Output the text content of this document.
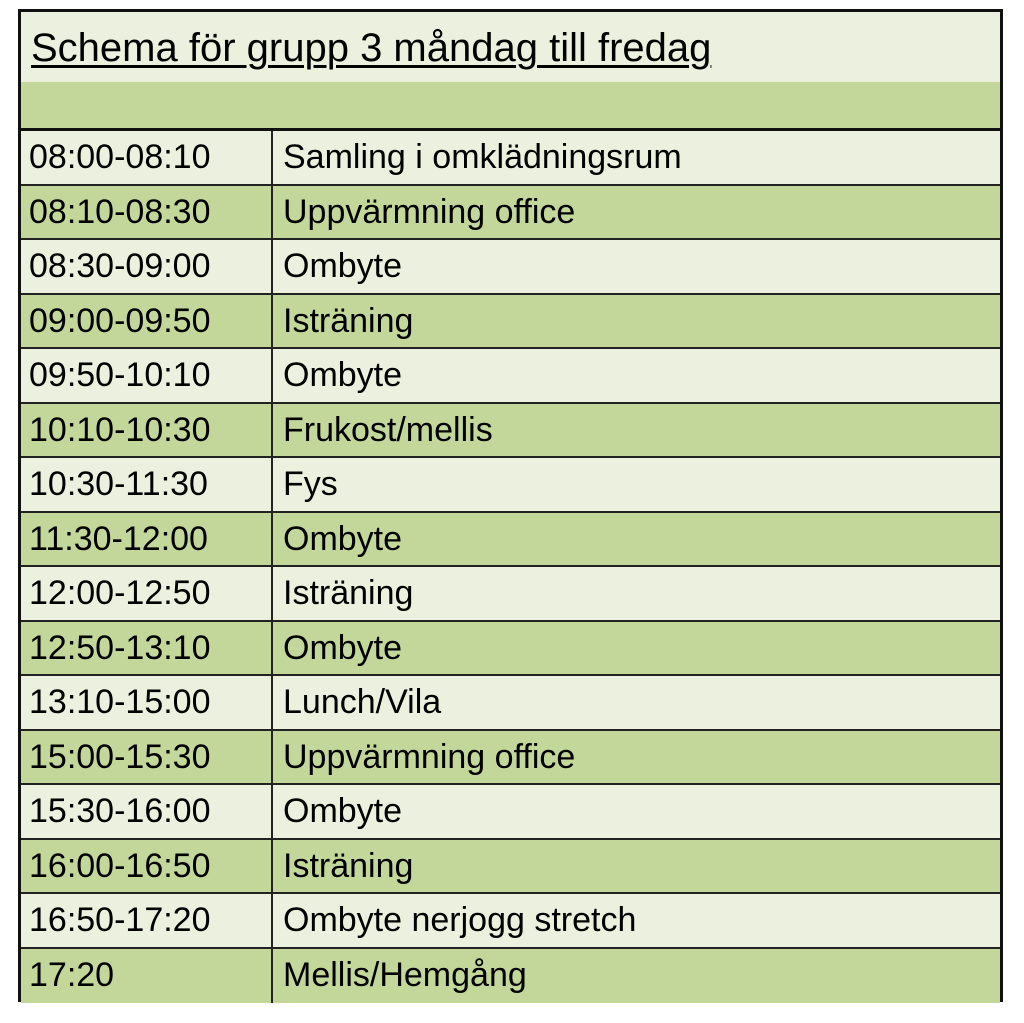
Schema för grupp 3 måndag till fredag
08:00-08:10	Samling i omklädningsrum
08:10-08:30	Uppvärmning office
08:30-09:00	Ombyte
09:00-09:50	Isträning
09:50-10:10	Ombyte
10:10-10:30	Frukost/mellis
10:30-11:30	Fys
11:30-12:00	Ombyte
12:00-12:50	Isträning
12:50-13:10	Ombyte
13:10-15:00	Lunch/Vila
15:00-15:30	Uppvärmning office
15:30-16:00	Ombyte
16:00-16:50	Isträning
16:50-17:20	Ombyte nerjogg stretch
17:20	Mellis/Hemgång
